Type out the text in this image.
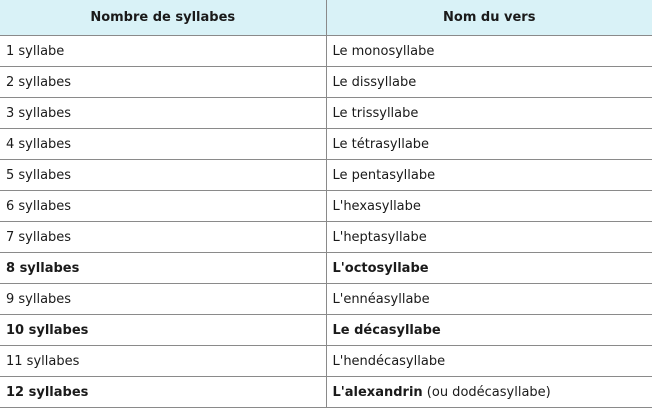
Nombre de syllabes	Nom du vers
1 syllabe	Le monosyllabe
2 syllabes	Le dissyllabe
3 syllabes	Le trissyllabe
4 syllabes	Le tétrasyllabe
5 syllabes	Le pentasyllabe
6 syllabes	L'hexasyllabe
7 syllabes	L'heptasyllabe
8 syllabes	L'octosyllabe
9 syllabes	L'ennéasyllabe
10 syllabes	Le décasyllabe
11 syllabes	L'hendécasyllabe
12 syllabes	L'alexandrin (ou dodécasyllabe)
